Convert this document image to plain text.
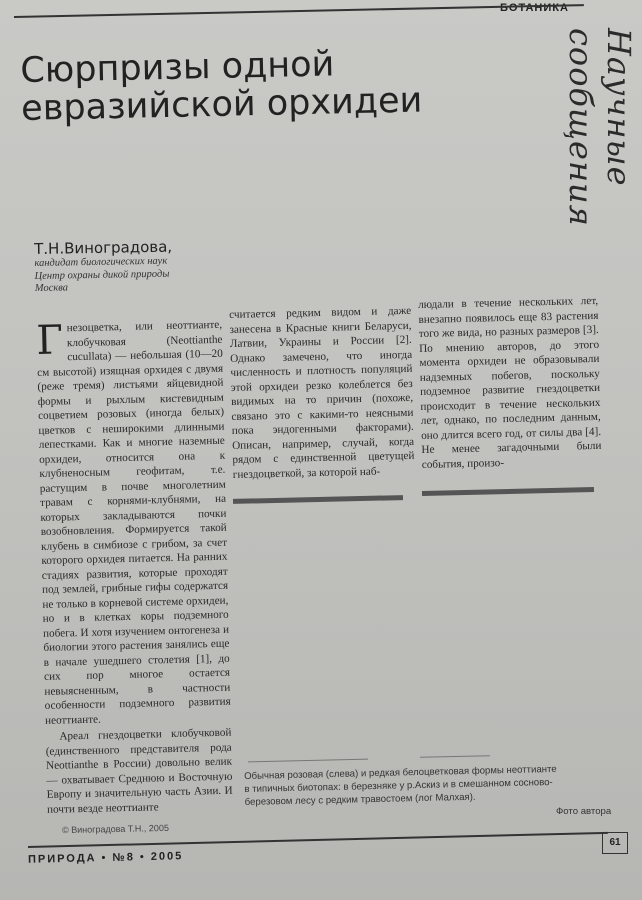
БОТАНИКА
Научные сообщения
Сюрпризы одной
евразийской орхидеи
Т.Н.Виноградова,
кандидат биологических наук
Центр охраны дикой природы
Москва

Гнезоцветка, или неоттианте, клобучковая (Neottianthe cucullata) — небольшая (10—20 см высотой) изящная орхидея с двумя (реже тремя) листьями яйцевидной формы и рыхлым кистевидным соцветием розовых (иногда белых) цветков с неширокими длинными лепестками. Как и многие наземные орхидеи, относится она к клубненосным геофитам, т.е. растущим в почве многолетним травам с корнями-клубнями, на которых закладываются почки возобновления. Формируется такой клубень в симбиозе с грибом, за счет которого орхидея питается. На ранних стадиях развития, которые проходят под землей, грибные гифы содержатся не только в корневой системе орхидеи, но и в клетках коры подземного побега. И хотя изучением онтогенеза и биологии этого растения занялись еще в начале ушедшего столетия [1], до сих пор многое остается невыясненным, в частности особенности подземного развития неоттианте.

Ареал гнездоцветки клобучковой (единственного представителя рода Neottianthe в России) довольно велик — охватывает Среднюю и Восточную Европу и значительную часть Азии. И почти везде неоттианте

считается редким видом и даже занесена в Красные книги Беларуси, Латвии, Украины и России [2]. Однако замечено, что иногда численность и плотность популяций этой орхидеи резко колеблется без видимых на то причин (похоже, связано это с какими-то неясными пока эндогенными факторами). Описан, например, случай, когда рядом с единственной цветущей гнездоцветкой, за которой наб-

людали в течение нескольких лет, внезапно появилось еще 83 растения того же вида, но разных размеров [3]. По мнению авторов, до этого момента орхидеи не образовывали надземных побегов, поскольку подземное развитие гнездоцветки происходит в течение нескольких лет, однако, по последним данным, оно длится всего год, от силы два [4]. Не менее загадочными были события, произо-

Обычная розовая (слева) и редкая белоцветковая формы неоттианте
в типичных биотопах: в березняке у р.Аскиз и в смешанном сосново-
березовом лесу с редким травостоем (лог Малхая).
Фото автора
© Виноградова Т.Н., 2005
ПРИРОДА • №8 • 2005
61
